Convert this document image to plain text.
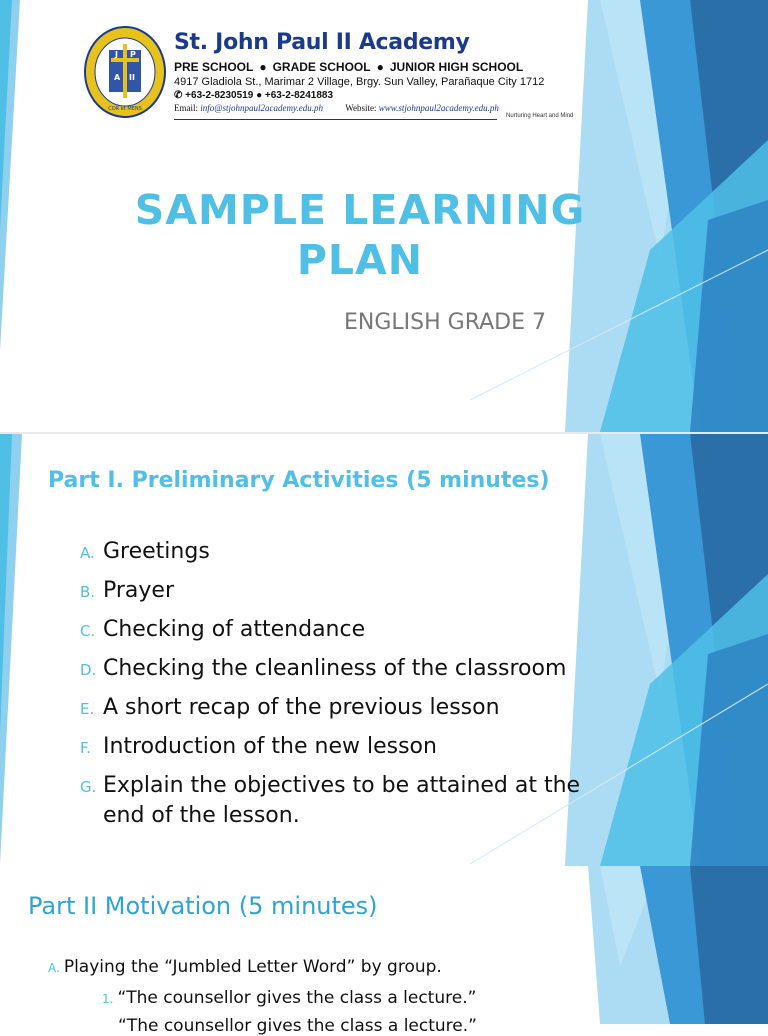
J P
A II
COR et MENS
St. John Paul II Academy
PRE SCHOOL ● GRADE SCHOOL ● JUNIOR HIGH SCHOOL
4917 Gladiola St., Marimar 2 Village, Brgy. Sun Valley, Parañaque City 1712
✆ +63-2-8230519 ● +63-2-8241883
Email: info@stjohnpaul2academy.edu.ph Website: www.stjohnpaul2academy.edu.ph
Nurturing Heart and Mind
SAMPLE LEARNING PLAN
ENGLISH GRADE 7
Part I. Preliminary Activities (5 minutes)
A. Greetings
B. Prayer
C. Checking of attendance
D. Checking the cleanliness of the classroom
E. A short recap of the previous lesson
F. Introduction of the new lesson
G. Explain the objectives to be attained at the end of the lesson.
Part II Motivation (5 minutes)
A. Playing the “Jumbled Letter Word” by group.
1. “The counsellor gives the class a lecture.”
“The counsellor gives the class a lecture.”
